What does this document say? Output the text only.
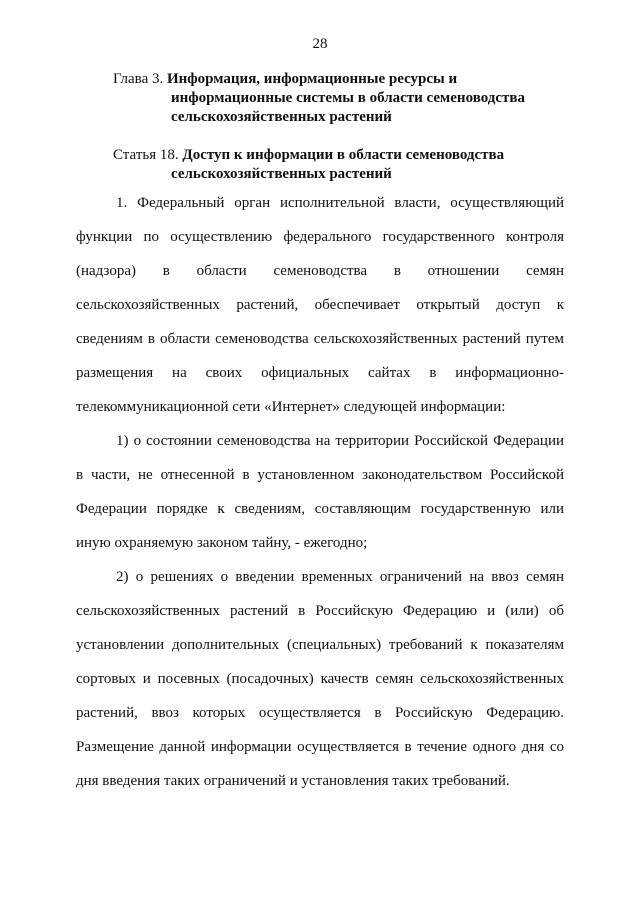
28
Глава 3. Информация, информационные ресурсы и
информационные системы в области семеноводства
сельскохозяйственных растений
Статья 18. Доступ к информации в области семеноводства
сельскохозяйственных растений
1. Федеральный орган исполнительной власти, осуществляющий
функции по осуществлению федерального государственного контроля
(надзора) в области семеноводства в отношении семян
сельскохозяйственных растений, обеспечивает открытый доступ к
сведениям в области семеноводства сельскохозяйственных растений путем
размещения на своих официальных сайтах в информационно-
телекоммуникационной сети «Интернет» следующей информации:
1) о состоянии семеноводства на территории Российской Федерации
в части, не отнесенной в установленном законодательством Российской
Федерации порядке к сведениям, составляющим государственную или
иную охраняемую законом тайну, - ежегодно;
2) о решениях о введении временных ограничений на ввоз семян
сельскохозяйственных растений в Российскую Федерацию и (или) об
установлении дополнительных (специальных) требований к показателям
сортовых и посевных (посадочных) качеств семян сельскохозяйственных
растений, ввоз которых осуществляется в Российскую Федерацию.
Размещение данной информации осуществляется в течение одного дня со
дня введения таких ограничений и установления таких требований.
